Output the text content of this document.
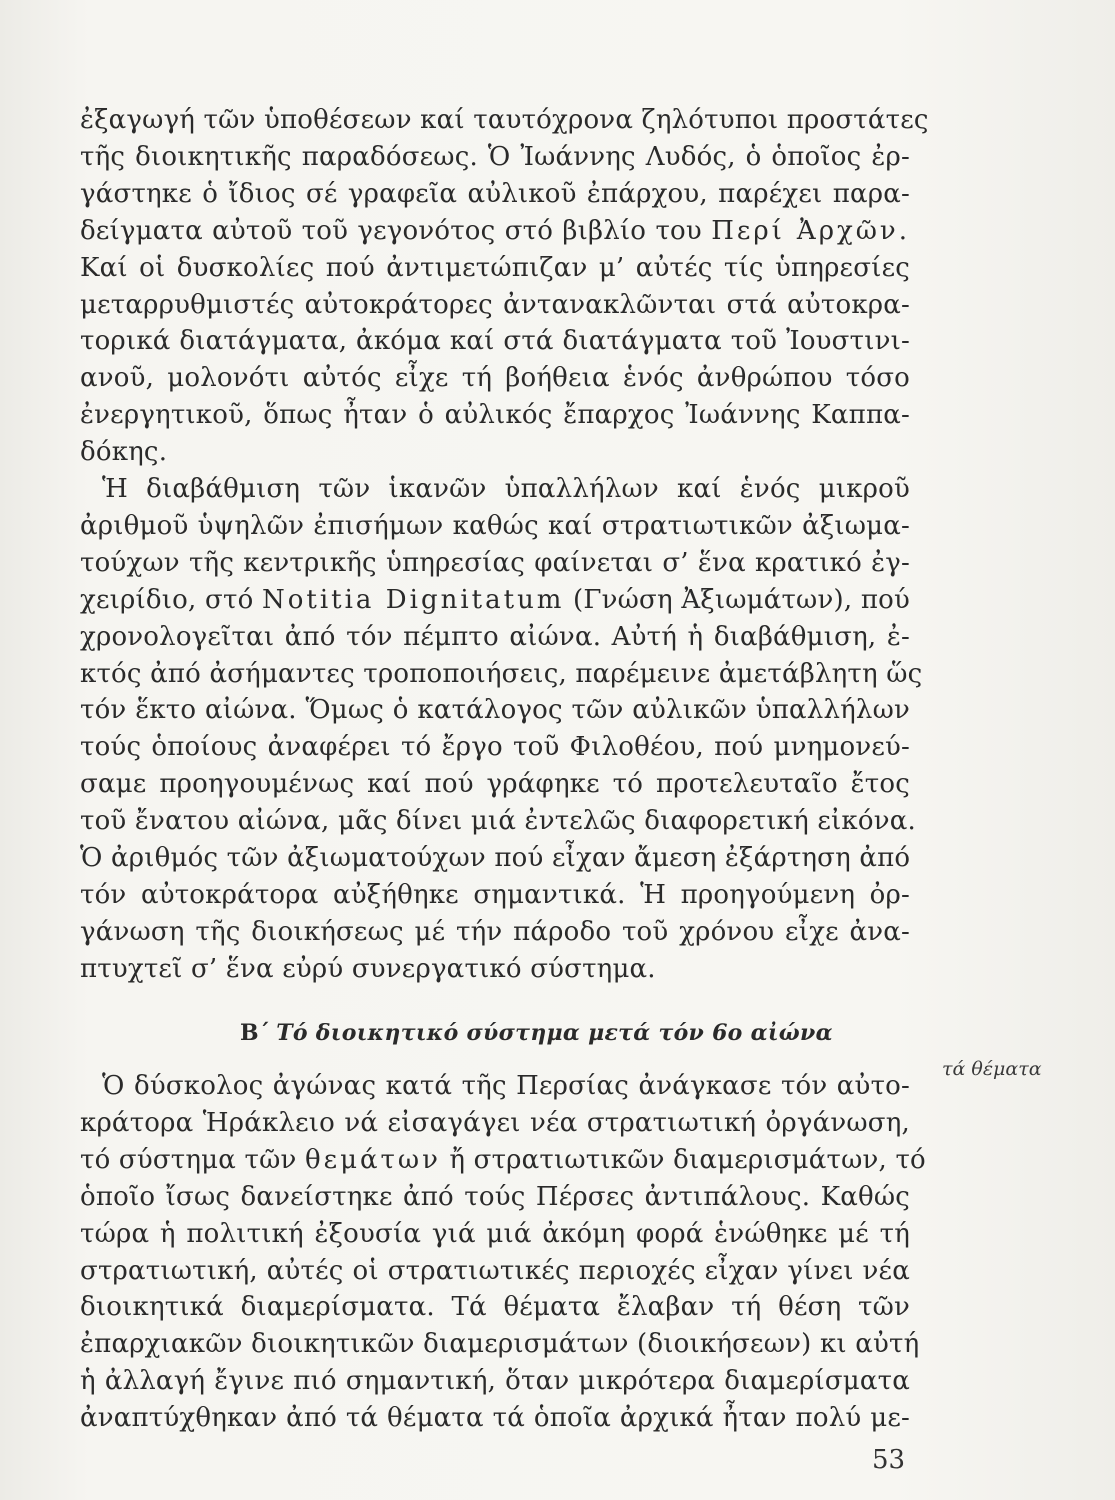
ἐξαγωγή τῶν ὑποθέσεων καί ταυτόχρονα ζηλότυποι προστάτες
τῆς διοικητικῆς παραδόσεως. Ὁ Ἰωάννης Λυδός, ὁ ὁποῖος ἐρ-
γάστηκε ὁ ἴδιος σέ γραφεῖα αὐλικοῦ ἐπάρχου, παρέχει παρα-
δείγματα αὐτοῦ τοῦ γεγονότος στό βιβλίο του Περί Ἀρχῶν.
Καί οἱ δυσκολίες πού ἀντιμετώπιζαν μ’ αὐτές τίς ὑπηρεσίες
μεταρρυθμιστές αὐτοκράτορες ἀντανακλῶνται στά αὐτοκρα-
τορικά διατάγματα, ἀκόμα καί στά διατάγματα τοῦ Ἰουστινι-
ανοῦ, μολονότι αὐτός εἶχε τή βοήθεια ἑνός ἀνθρώπου τόσο
ἐνεργητικοῦ, ὅπως ἦταν ὁ αὐλικός ἔπαρχος Ἰωάννης Καππα-
δόκης.
Ἡ διαβάθμιση τῶν ἱκανῶν ὑπαλλήλων καί ἑνός μικροῦ
ἀριθμοῦ ὑψηλῶν ἐπισήμων καθώς καί στρατιωτικῶν ἀξιωμα-
τούχων τῆς κεντρικῆς ὑπηρεσίας φαίνεται σ’ ἕνα κρατικό ἐγ-
χειρίδιο, στό Notitia Dignitatum (Γνώση Ἀξιωμάτων), πού
χρονολογεῖται ἀπό τόν πέμπτο αἰώνα. Αὐτή ἡ διαβάθμιση, ἐ-
κτός ἀπό ἀσήμαντες τροποποιήσεις, παρέμεινε ἀμετάβλητη ὥς
τόν ἕκτο αἰώνα. Ὅμως ὁ κατάλογος τῶν αὐλικῶν ὑπαλλήλων
τούς ὁποίους ἀναφέρει τό ἔργο τοῦ Φιλοθέου, πού μνημονεύ-
σαμε προηγουμένως καί πού γράφηκε τό προτελευταῖο ἔτος
τοῦ ἔνατου αἰώνα, μᾶς δίνει μιά ἐντελῶς διαφορετική εἰκόνα.
Ὁ ἀριθμός τῶν ἀξιωματούχων πού εἶχαν ἄμεση ἐξάρτηση ἀπό
τόν αὐτοκράτορα αὐξήθηκε σημαντικά. Ἡ προηγούμενη ὀρ-
γάνωση τῆς διοικήσεως μέ τήν πάροδο τοῦ χρόνου εἶχε ἀνα-
πτυχτεῖ σ’ ἕνα εὐρύ συνεργατικό σύστημα.
Β΄ Τό διοικητικό σύστημα μετά τόν 6ο αἰώνα
τά θέματα
Ὁ δύσκολος ἀγώνας κατά τῆς Περσίας ἀνάγκασε τόν αὐτο-
κράτορα Ἡράκλειο νά εἰσαγάγει νέα στρατιωτική ὀργάνωση,
τό σύστημα τῶν θεμάτων ἤ στρατιωτικῶν διαμερισμάτων, τό
ὁποῖο ἴσως δανείστηκε ἀπό τούς Πέρσες ἀντιπάλους. Καθώς
τώρα ἡ πολιτική ἐξουσία γιά μιά ἀκόμη φορά ἑνώθηκε μέ τή
στρατιωτική, αὐτές οἱ στρατιωτικές περιοχές εἶχαν γίνει νέα
διοικητικά διαμερίσματα. Τά θέματα ἔλαβαν τή θέση τῶν
ἐπαρχιακῶν διοικητικῶν διαμερισμάτων (διοικήσεων) κι αὐτή
ἡ ἀλλαγή ἔγινε πιό σημαντική, ὅταν μικρότερα διαμερίσματα
ἀναπτύχθηκαν ἀπό τά θέματα τά ὁποῖα ἀρχικά ἦταν πολύ με-
53
